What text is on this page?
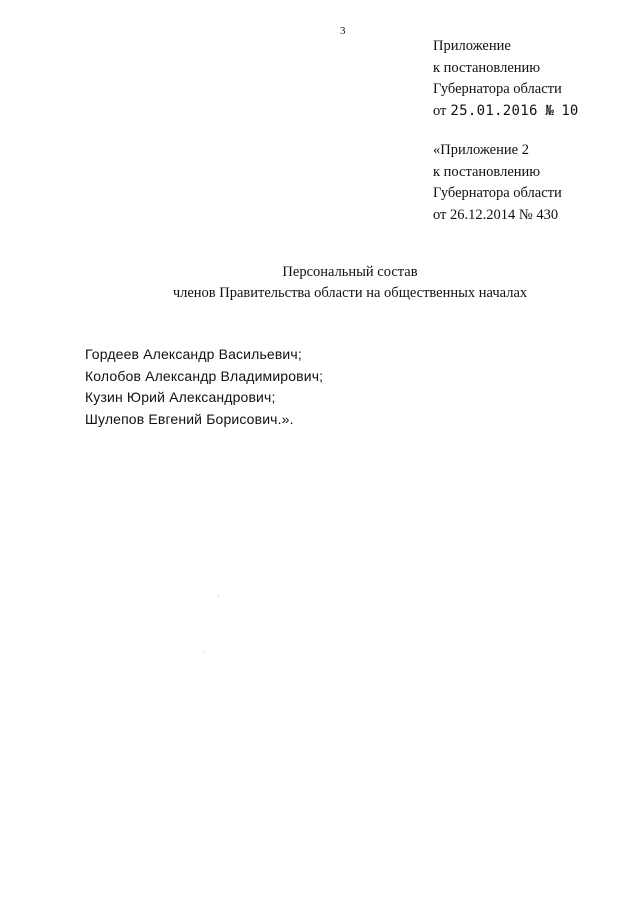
3
Приложение
к постановлению
Губернатора области
от 25.01.2016 № 10
«Приложение 2
к постановлению
Губернатора области
от 26.12.2014 № 430
Персональный состав
членов Правительства области на общественных началах
Гордеев Александр Васильевич;
Колобов Александр Владимирович;
Кузин Юрий Александрович;
Шулепов Евгений Борисович.».
